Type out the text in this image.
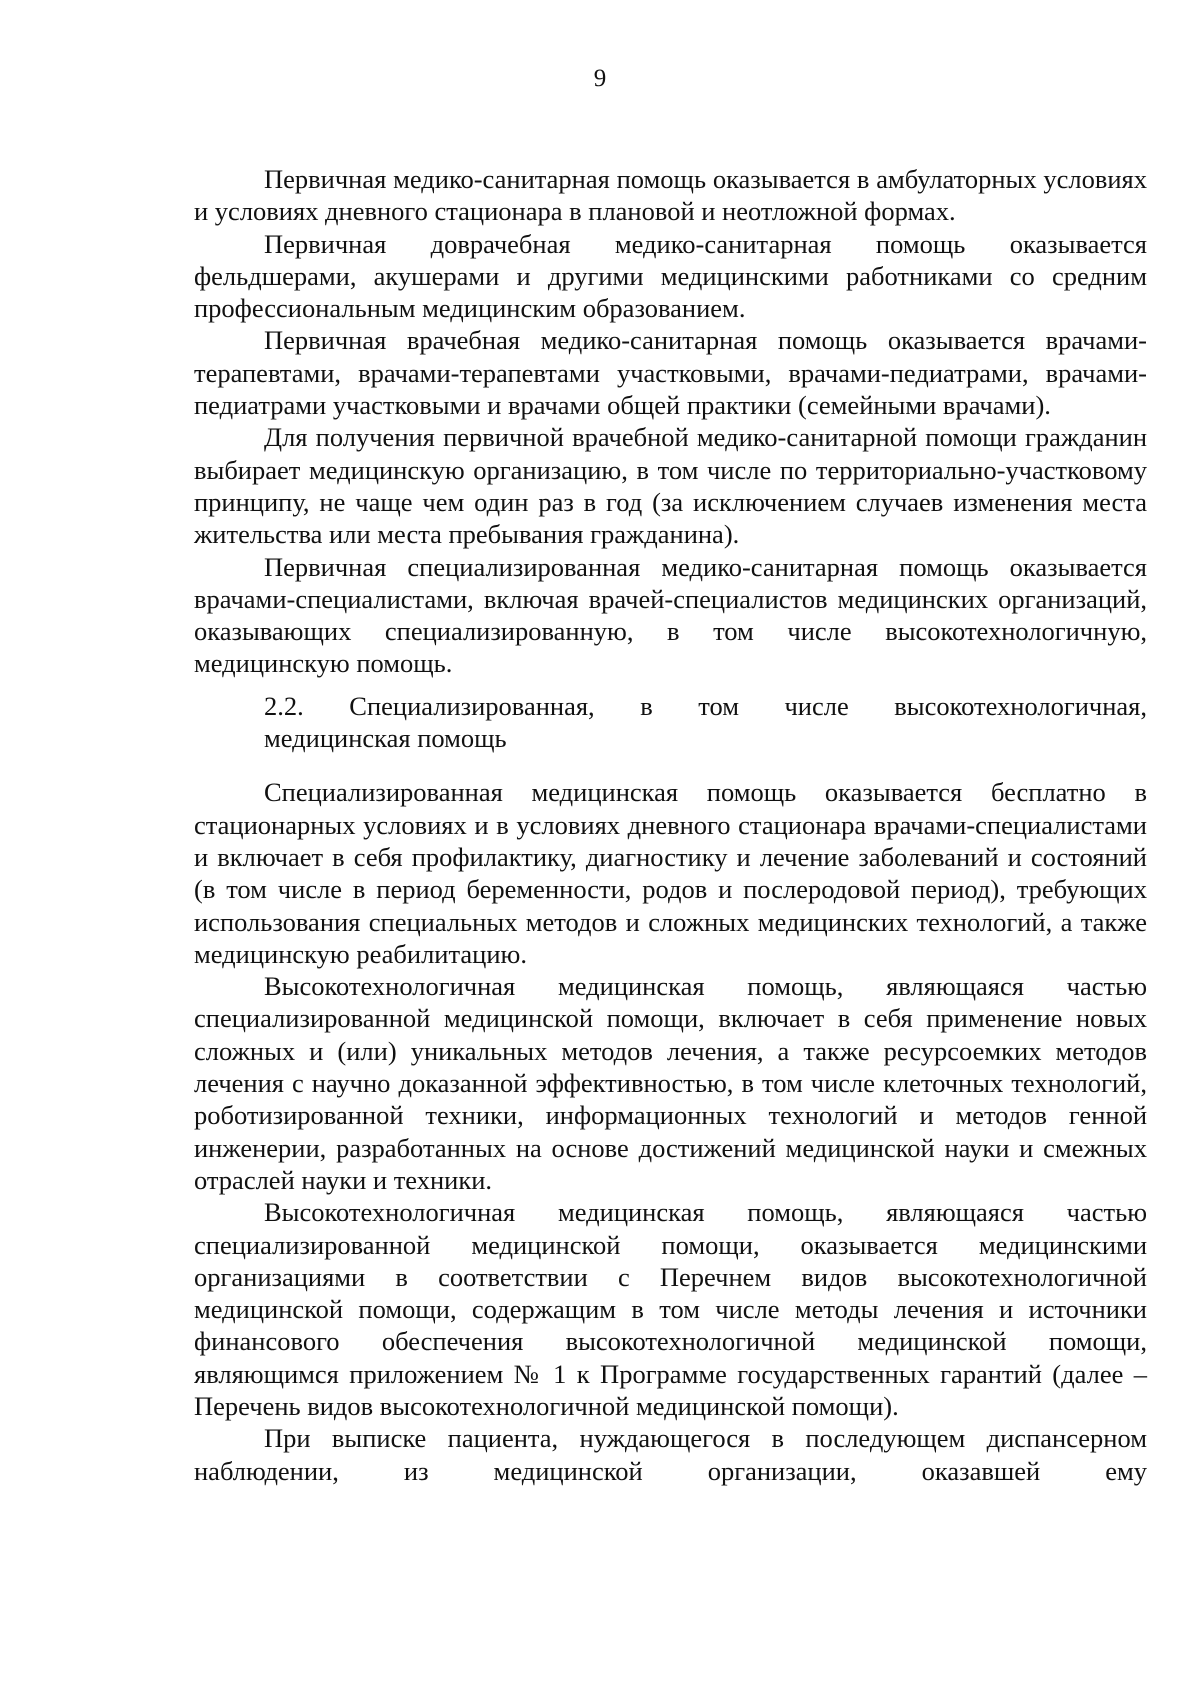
9

Первичная медико-санитарная помощь оказывается в амбулаторных условиях и условиях дневного стационара в плановой и неотложной формах.

Первичная доврачебная медико-санитарная помощь оказывается фельдшерами, акушерами и другими медицинскими работниками со средним профессиональным медицинским образованием.

Первичная врачебная медико-санитарная помощь оказывается врачами-терапевтами, врачами-терапевтами участковыми, врачами-педиатрами, врачами-педиатрами участковыми и врачами общей практики (семейными врачами).

Для получения первичной врачебной медико-санитарной помощи гражданин выбирает медицинскую организацию, в том числе по территориально-участковому принципу, не чаще чем один раз в год (за исключением случаев изменения места жительства или места пребывания гражданина).

Первичная специализированная медико-санитарная помощь оказывается врачами-специалистами, включая врачей-специалистов медицинских организаций, оказывающих специализированную, в том числе высокотехнологичную, медицинскую помощь.

2.2. Специализированная, в том числе высокотехнологичная,
медицинская помощь

Специализированная медицинская помощь оказывается бесплатно в стационарных условиях и в условиях дневного стационара врачами-специалистами и включает в себя профилактику, диагностику и лечение заболеваний и состояний (в том числе в период беременности, родов и послеродовой период), требующих использования специальных методов и сложных медицинских технологий, а также медицинскую реабилитацию.

Высокотехнологичная медицинская помощь, являющаяся частью специализированной медицинской помощи, включает в себя применение новых сложных и (или) уникальных методов лечения, а также ресурсоемких методов лечения с научно доказанной эффективностью, в том числе клеточных технологий, роботизированной техники, информационных технологий и методов генной инженерии, разработанных на основе достижений медицинской науки и смежных отраслей науки и техники.

Высокотехнологичная медицинская помощь, являющаяся частью специализированной медицинской помощи, оказывается медицинскими организациями в соответствии с Перечнем видов высокотехнологичной медицинской помощи, содержащим в том числе методы лечения и источники финансового обеспечения высокотехнологичной медицинской помощи, являющимся приложением № 1 к Программе государственных гарантий (далее – Перечень видов высокотехнологичной медицинской помощи).

При выписке пациента, нуждающегося в последующем диспансерном наблюдении, из медицинской организации, оказавшей ему
